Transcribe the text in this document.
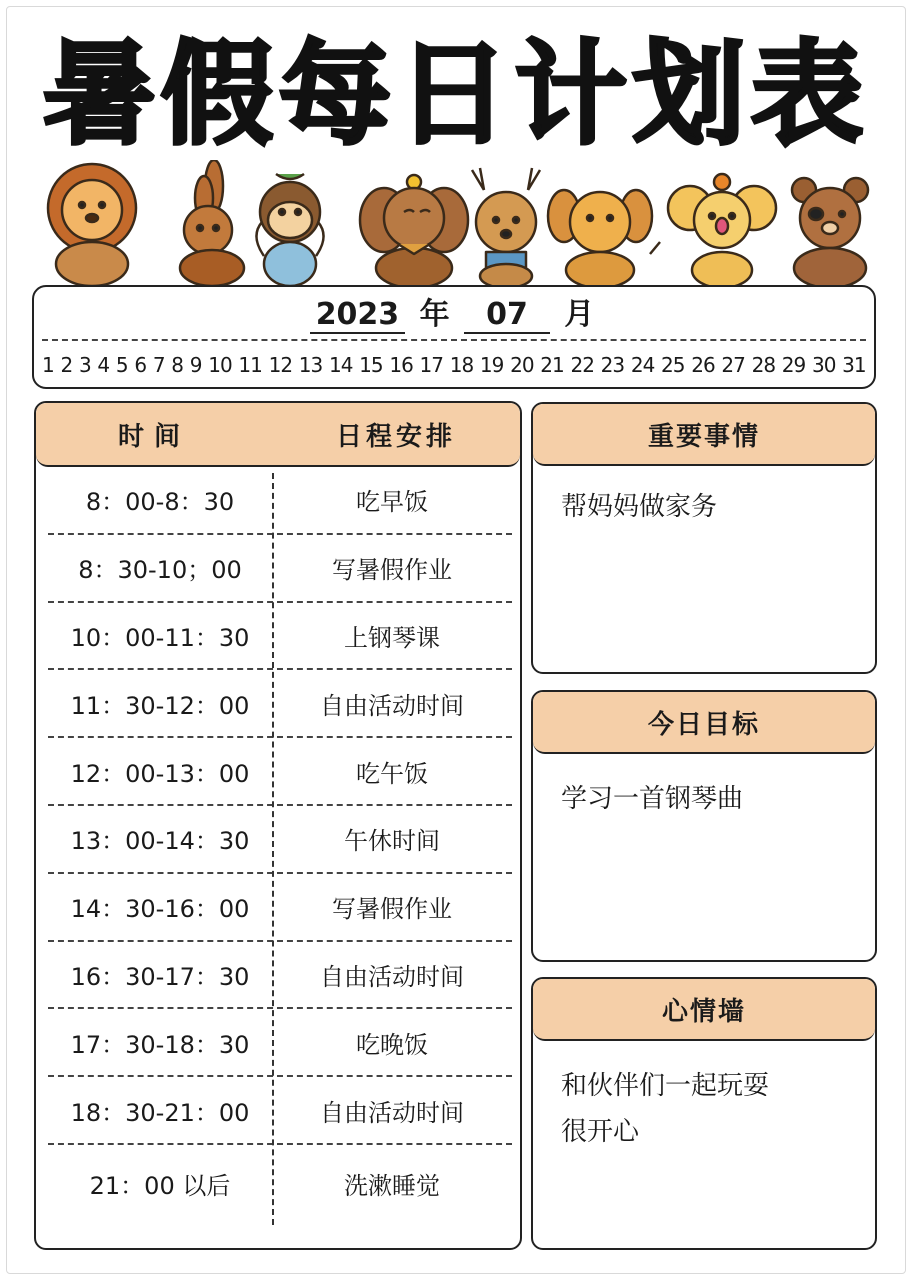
暑假每日计划表
2023 年 07 月
1 2 3 4 5 6 7 8 9 10 11 12 13 14 15 16 17 18 19 20 21 22 23 24 25 26 27 28 29 30 31
时间	日程安排
8：00-8：30	吃早饭
8：30-10；00	写暑假作业
10：00-11：30	上钢琴课
11：30-12：00	自由活动时间
12：00-13：00	吃午饭
13：00-14：30	午休时间
14：30-16：00	写暑假作业
16：30-17：30	自由活动时间
17：30-18：30	吃晚饭
18：30-21：00	自由活动时间
21：00 以后	洗漱睡觉
重要事情
帮妈妈做家务
今日目标
学习一首钢琴曲
心情墙
和伙伴们一起玩耍
很开心
